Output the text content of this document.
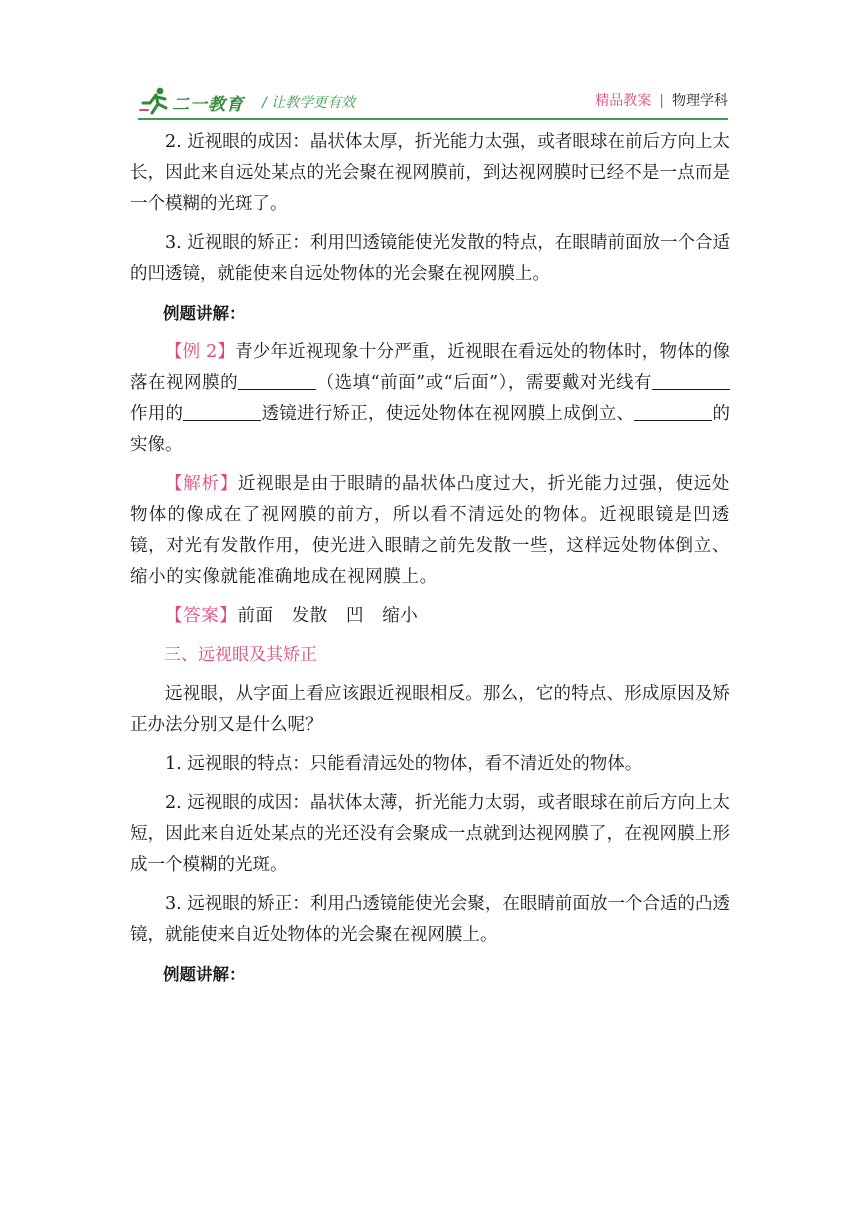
二一教育 / 让教学更有效	精品教案 | 物理学科

2. 近视眼的成因：晶状体太厚，折光能力太强，或者眼球在前后方向上太长，因此来自远处某点的光会聚在视网膜前，到达视网膜时已经不是一点而是一个模糊的光斑了。

3. 近视眼的矫正：利用凹透镜能使光发散的特点，在眼睛前面放一个合适的凹透镜，就能使来自远处物体的光会聚在视网膜上。

例题讲解：

【例 2】青少年近视现象十分严重，近视眼在看远处的物体时，物体的像落在视网膜的	（选填“前面”或“后面”），需要戴对光线有作用的	透镜进行矫正，使远处物体在视网膜上成倒立、	的实像。

【解析】近视眼是由于眼睛的晶状体凸度过大，折光能力过强，使远处物体的像成在了视网膜的前方，所以看不清远处的物体。近视眼镜是凹透镜，对光有发散作用，使光进入眼睛之前先发散一些，这样远处物体倒立、缩小的实像就能准确地成在视网膜上。

【答案】前面　发散　凹　缩小

三、远视眼及其矫正

远视眼，从字面上看应该跟近视眼相反。那么，它的特点、形成原因及矫正办法分别又是什么呢？

1. 远视眼的特点：只能看清远处的物体，看不清近处的物体。

2. 远视眼的成因：晶状体太薄，折光能力太弱，或者眼球在前后方向上太短，因此来自近处某点的光还没有会聚成一点就到达视网膜了，在视网膜上形成一个模糊的光斑。

3. 远视眼的矫正：利用凸透镜能使光会聚，在眼睛前面放一个合适的凸透镜，就能使来自近处物体的光会聚在视网膜上。

例题讲解：
